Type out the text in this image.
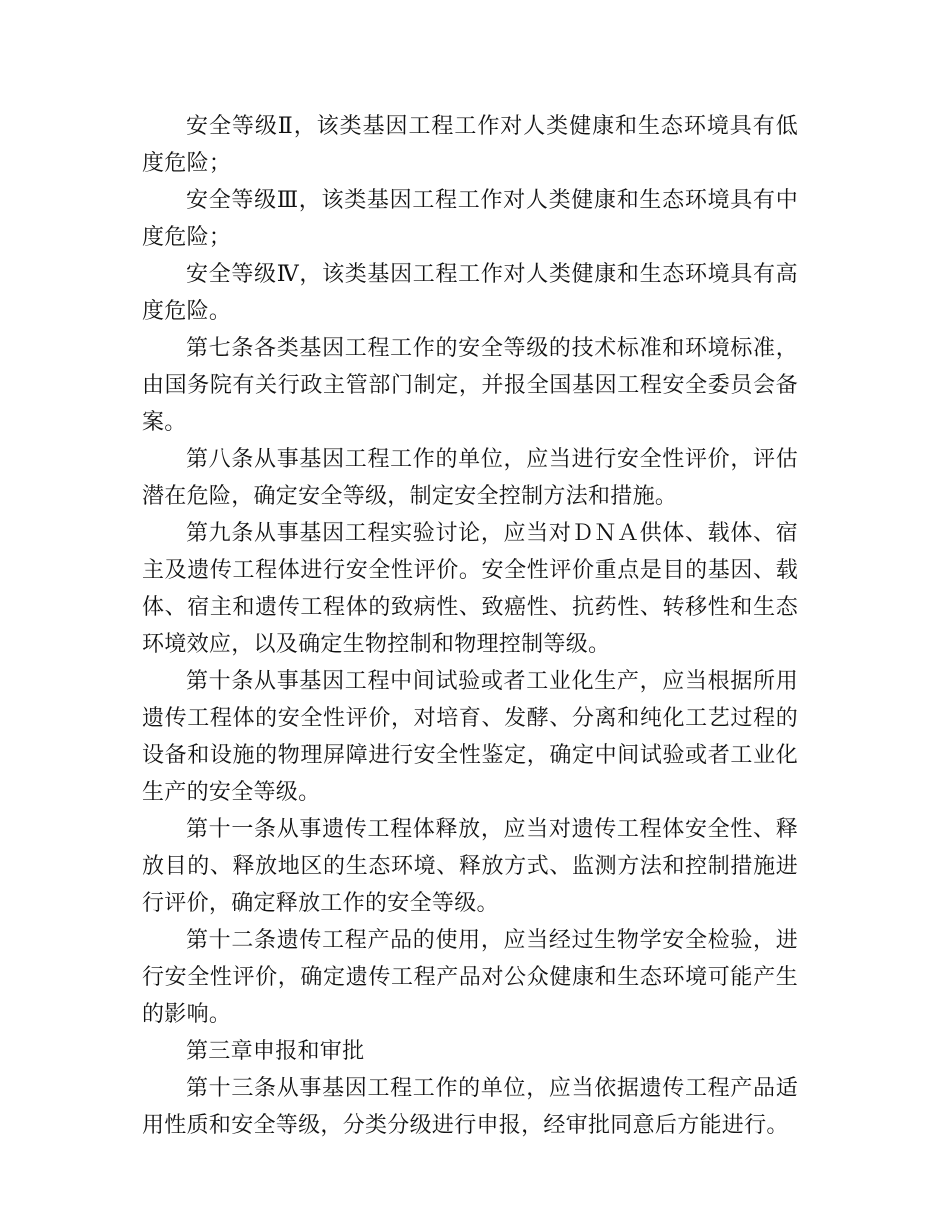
安全等级Ⅱ，该类基因工程工作对人类健康和生态环境具有低度危险；

安全等级Ⅲ，该类基因工程工作对人类健康和生态环境具有中度危险；

安全等级Ⅳ，该类基因工程工作对人类健康和生态环境具有高度危险。

第七条各类基因工程工作的安全等级的技术标准和环境标准，由国务院有关行政主管部门制定，并报全国基因工程安全委员会备案。

第八条从事基因工程工作的单位，应当进行安全性评价，评估潜在危险，确定安全等级，制定安全控制方法和措施。

第九条从事基因工程实验讨论，应当对ＤＮＡ供体、载体、宿主及遗传工程体进行安全性评价。安全性评价重点是目的基因、载体、宿主和遗传工程体的致病性、致癌性、抗药性、转移性和生态环境效应，以及确定生物控制和物理控制等级。

第十条从事基因工程中间试验或者工业化生产，应当根据所用遗传工程体的安全性评价，对培育、发酵、分离和纯化工艺过程的设备和设施的物理屏障进行安全性鉴定，确定中间试验或者工业化生产的安全等级。

第十一条从事遗传工程体释放，应当对遗传工程体安全性、释放目的、释放地区的生态环境、释放方式、监测方法和控制措施进行评价，确定释放工作的安全等级。

第十二条遗传工程产品的使用，应当经过生物学安全检验，进行安全性评价，确定遗传工程产品对公众健康和生态环境可能产生的影响。

第三章申报和审批

第十三条从事基因工程工作的单位，应当依据遗传工程产品适用性质和安全等级，分类分级进行申报，经审批同意后方能进行。
